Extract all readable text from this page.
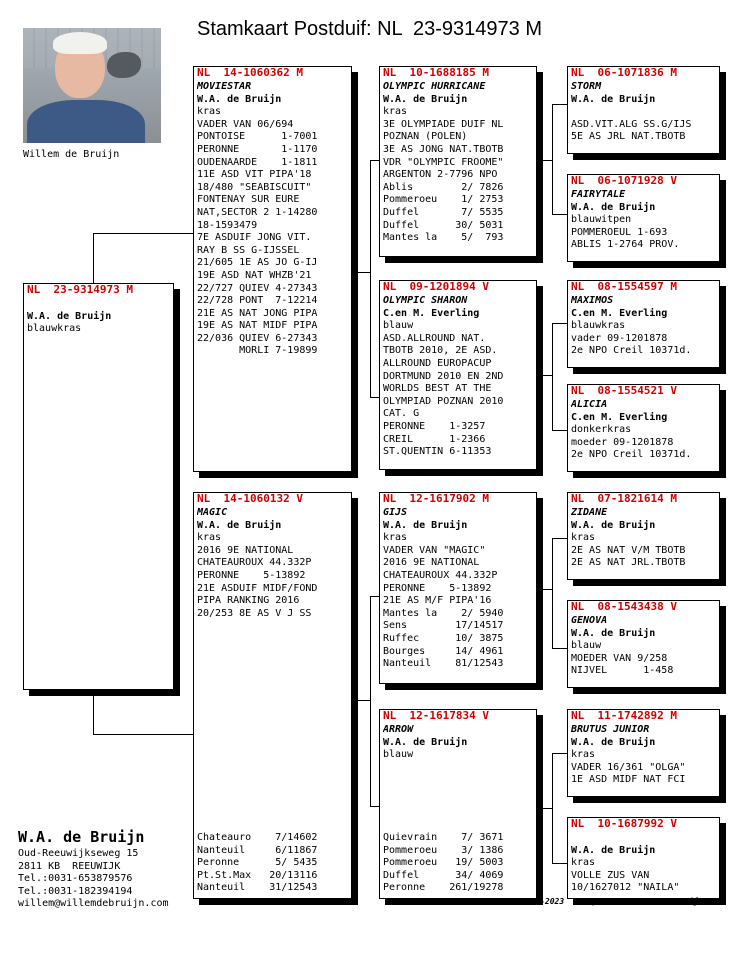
Stamkaart Postduif: NL  23-9314973 M
Willem de Bruijn
NL  23-9314973 M
W.A. de Bruijn
blauwkras
NL  14-1060362 M
MOVIESTAR
W.A. de Bruijn
kras
VADER VAN 06/694
PONTOISE      1-7001
PERONNE       1-1170
OUDENAARDE    1-1811
11E ASD VIT PIPA'18
18/480 "SEABISCUIT"
FONTENAY SUR EURE
NAT,SECTOR 2 1-14280
18-1593479
7E ASDUIF JONG VIT.
RAY B SS G-IJSSEL
21/605 1E AS JO G-IJ
19E ASD NAT WHZB'21
22/727 QUIEV 4-27343
22/728 PONT  7-12214
21E AS NAT JONG PIPA
19E AS NAT MIDF PIPA
22/036 QUIEV 6-27343
MORLI 7-19899
NL  14-1060132 V
MAGIC
W.A. de Bruijn
kras
2016 9E NATIONAL
CHATEAUROUX 44.332P
PERONNE    5-13892
21E ASDUIF MIDF/FOND
PIPA RANKING 2016
20/253 8E AS V J SS
Chateauro    7/14602
Nanteuil     6/11867
Peronne      5/ 5435
Pt.St.Max   20/13116
Nanteuil    31/12543
NL  10-1688185 M
OLYMPIC HURRICANE
W.A. de Bruijn
kras
3E OLYMPIADE DUIF NL
POZNAN (POLEN)
3E AS JONG NAT.TBOTB
VDR "OLYMPIC FROOME"
ARGENTON 2-7796 NPO
Ablis        2/ 7826
Pommeroeu    1/ 2753
Duffel       7/ 5535
Duffel      30/ 5031
Mantes la    5/  793
NL  09-1201894 V
OLYMPIC SHARON
C.en M. Everling
blauw
ASD.ALLROUND NAT.
TBOTB 2010, 2E ASD.
ALLROUND EUROPACUP
DORTMUND 2010 EN 2ND
WORLDS BEST AT THE
OLYMPIAD POZNAN 2010
CAT. G
PERONNE    1-3257
CREIL      1-2366
ST.QUENTIN 6-11353
NL  12-1617902 M
GIJS
W.A. de Bruijn
kras
VADER VAN "MAGIC"
2016 9E NATIONAL
CHATEAUROUX 44.332P
PERONNE    5-13892
21E AS M/F PIPA'16
Mantes la    2/ 5940
Sens        17/14517
Ruffec      10/ 3875
Bourges     14/ 4961
Nanteuil    81/12543
NL  12-1617834 V
ARROW
W.A. de Bruijn
blauw
Quievrain    7/ 3671
Pommeroeu    3/ 1386
Pommeroeu   19/ 5003
Duffel      34/ 4069
Peronne    261/19278
NL  06-1071836 M
STORM
W.A. de Bruijn
ASD.VIT.ALG SS.G/IJS
5E AS JRL NAT.TBOTB
NL  06-1071928 V
FAIRYTALE
W.A. de Bruijn
blauwitpen
POMMEROEUL 1-693
ABLIS 1-2764 PROV.
NL  08-1554597 M
MAXIMOS
C.en M. Everling
blauwkras
vader 09-1201878
2e NPO Creil 10371d.
NL  08-1554521 V
ALICIA
C.en M. Everling
donkerkras
moeder 09-1201878
2e NPO Creil 10371d.
NL  07-1821614 M
ZIDANE
W.A. de Bruijn
kras
2E AS NAT V/M TBOTB
2E AS NAT JRL.TBOTB
NL  08-1543438 V
GENOVA
W.A. de Bruijn
blauw
MOEDER VAN 9/258
NIJVEL      1-458
NL  11-1742892 M
BRUTUS JUNIOR
W.A. de Bruijn
kras
VADER 16/361 "OLGA"
1E ASD MIDF NAT FCI
NL  10-1687992 V
W.A. de Bruijn
kras
VOLLE ZUS VAN
10/1627012 "NAILA"
W.A. de Bruijn
Oud-Reeuwijkseweg 15
2811 KB  REEUWIJK
Tel.:0031-653879576
Tel.:0031-182394194
willem@willemdebruijn.com	29-10-2023 Compuclub © W.A. de Bruijn
